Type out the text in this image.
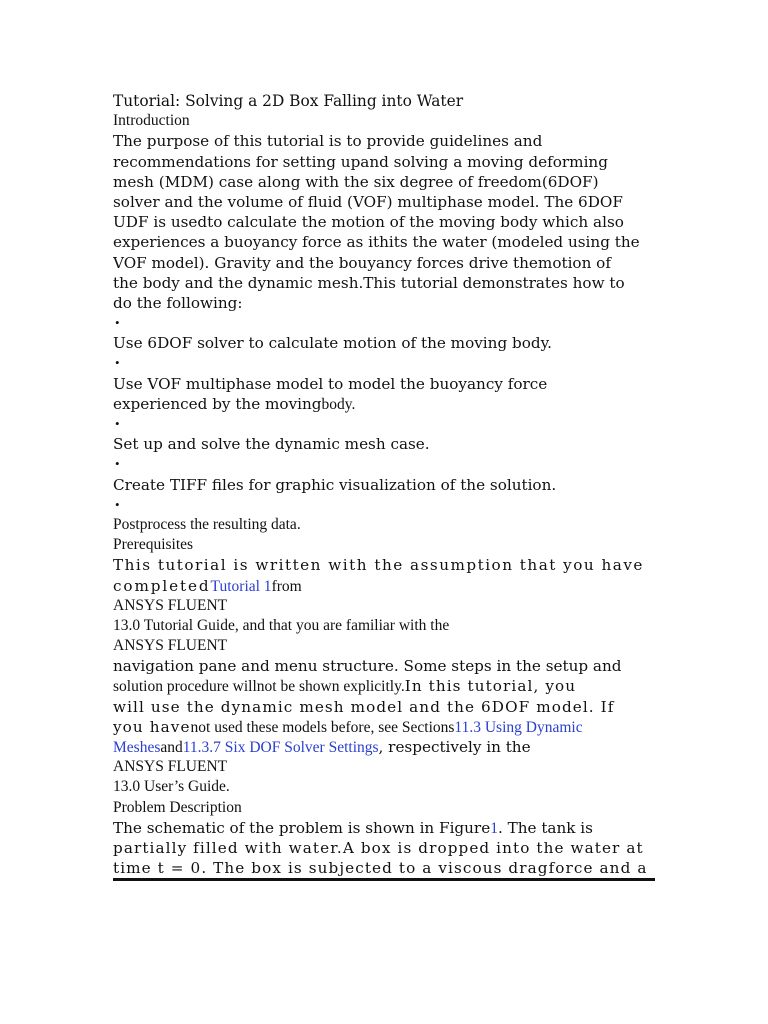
Tutorial: Solving a 2D Box Falling into Water
Introduction
The purpose of this tutorial is to provide guidelines and
recommendations for setting upand solving a moving deforming
mesh (MDM) case along with the six degree of freedom(6DOF)
solver and the volume of fluid (VOF) multiphase model. The 6DOF
UDF is usedto calculate the motion of the moving body which also
experiences a buoyancy force as ithits the water (modeled using the
VOF model). Gravity and the bouyancy forces drive themotion of
the body and the dynamic mesh.This tutorial demonstrates how to
do the following:
•
Use 6DOF solver to calculate motion of the moving body.
•
Use VOF multiphase model to model the buoyancy force
experienced by the movingbody.
•
Set up and solve the dynamic mesh case.
•
Create TIFF files for graphic visualization of the solution.
•
Postprocess the resulting data.
Prerequisites
This tutorial is written with the assumption that you have
completedTutorial 1from
ANSYS FLUENT
13.0 Tutorial Guide, and that you are familiar with the
ANSYS FLUENT
navigation pane and menu structure. Some steps in the setup and
solution procedure willnot be shown explicitly.In this tutorial, you
will use the dynamic mesh model and the 6DOF model. If
you havenot used these models before, see Sections11.3 Using Dynamic
Meshesand11.3.7 Six DOF Solver Settings, respectively in the
ANSYS FLUENT
13.0 User’s Guide.
Problem Description
The schematic of the problem is shown in Figure1. The tank is
partially filled with water.A box is dropped into the water at
time t = 0. The box is subjected to a viscous dragforce and a
